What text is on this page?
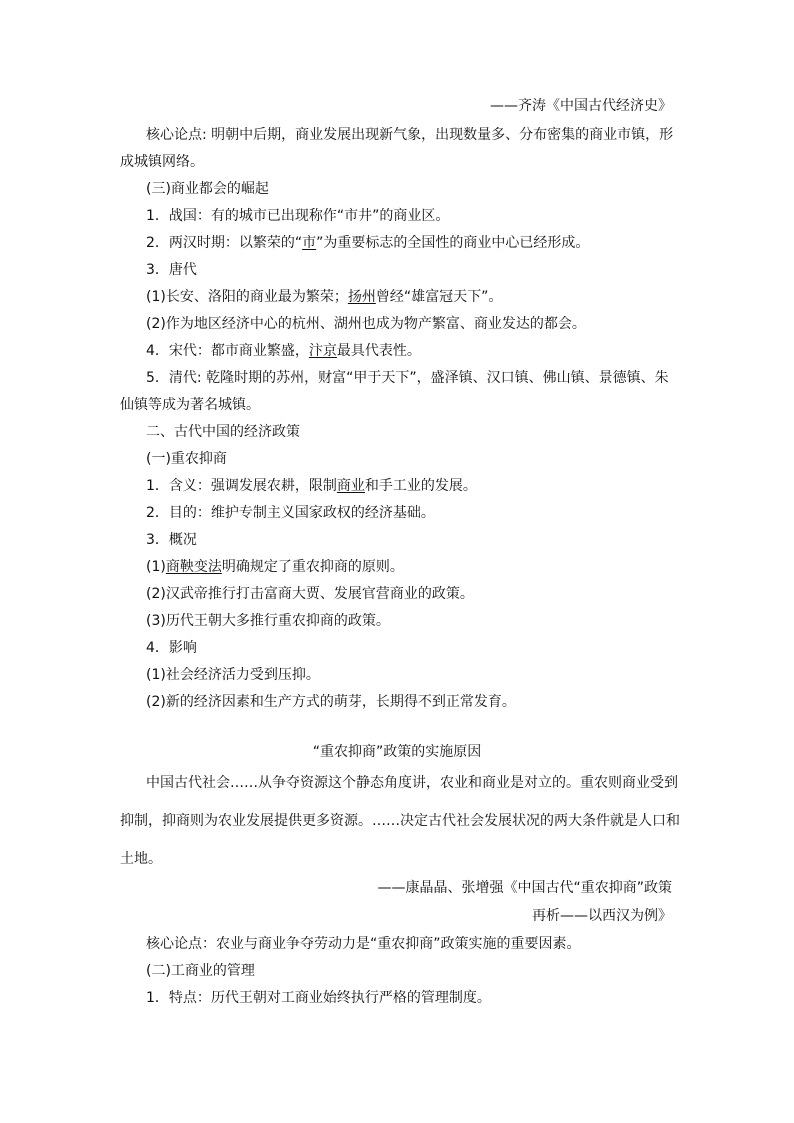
——齐涛《中国古代经济史》
核心论点: 明朝中后期，商业发展出现新气象，出现数量多、分布密集的商业市镇，形
成城镇网络。
(三)商业都会的崛起
1．战国：有的城市已出现称作“市井”的商业区。
2．两汉时期：以繁荣的“市”为重要标志的全国性的商业中心已经形成。
3．唐代
(1)长安、洛阳的商业最为繁荣；扬州曾经“雄富冠天下”。
(2)作为地区经济中心的杭州、湖州也成为物产繁富、商业发达的都会。
4．宋代：都市商业繁盛，汴京最具代表性。
5．清代: 乾隆时期的苏州，财富“甲于天下”，盛泽镇、汉口镇、佛山镇、景德镇、朱
仙镇等成为著名城镇。
二、古代中国的经济政策
(一)重农抑商
1．含义：强调发展农耕，限制商业和手工业的发展。
2．目的：维护专制主义国家政权的经济基础。
3．概况
(1)商鞅变法明确规定了重农抑商的原则。
(2)汉武帝推行打击富商大贾、发展官营商业的政策。
(3)历代王朝大多推行重农抑商的政策。
4．影响
(1)社会经济活力受到压抑。
(2)新的经济因素和生产方式的萌芽，长期得不到正常发育。
“重农抑商”政策的实施原因
中国古代社会……从争夺资源这个静态角度讲，农业和商业是对立的。重农则商业受到
抑制，抑商则为农业发展提供更多资源。……决定古代社会发展状况的两大条件就是人口和
土地。
——康晶晶、张增强《中国古代“重农抑商”政策
再析——以西汉为例》
核心论点：农业与商业争夺劳动力是“重农抑商”政策实施的重要因素。
(二)工商业的管理
1．特点：历代王朝对工商业始终执行严格的管理制度。
